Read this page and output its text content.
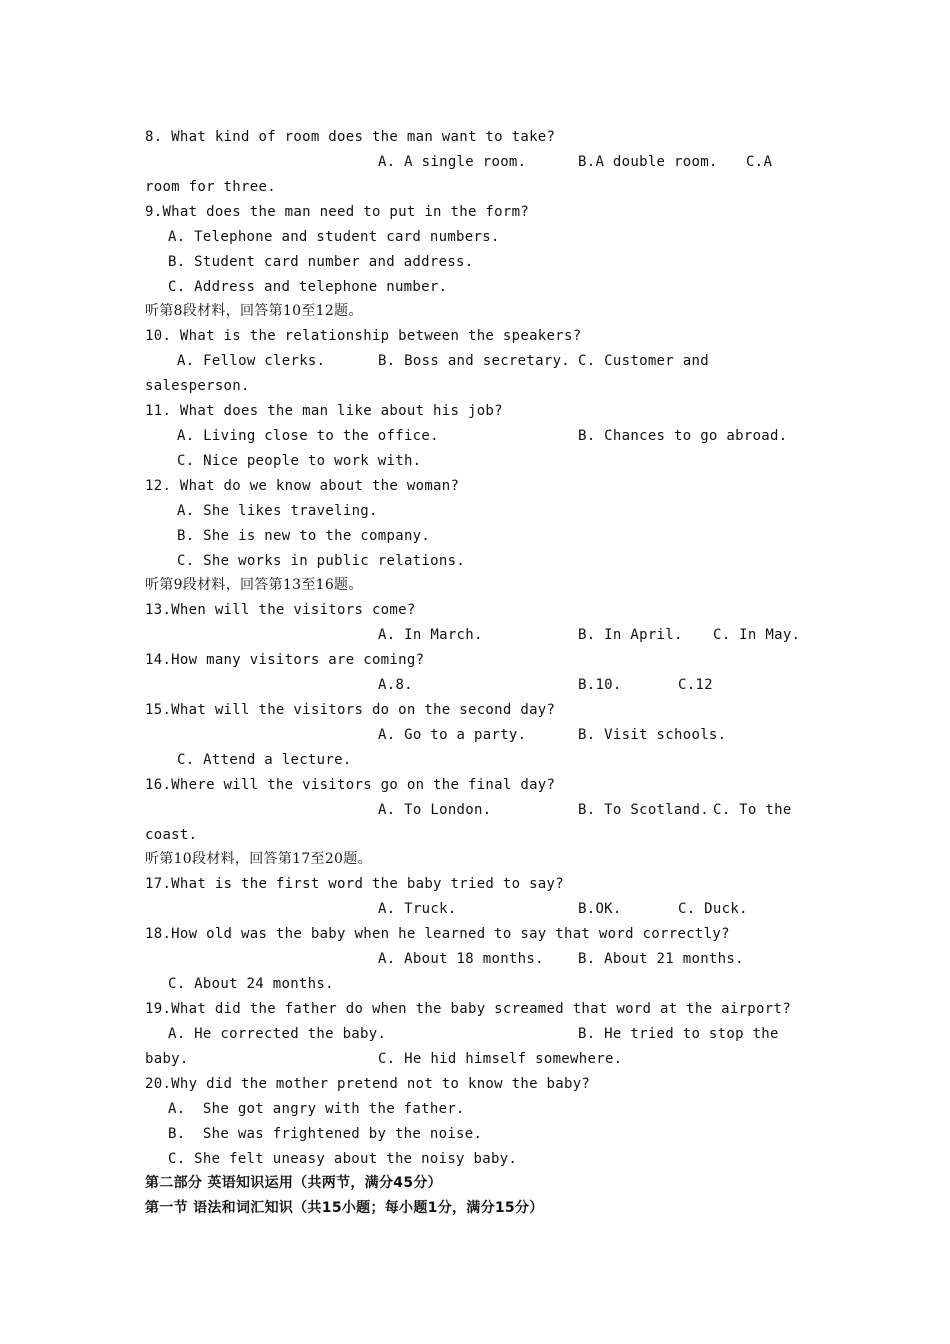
8. What kind of room does the man want to take?
A. A single room.	B.A double room. C.A
room for three.
9.What does the man need to put in the form?
A. Telephone and student card numbers.
B. Student card number and address.
C. Address and telephone number.
听第8段材料，回答第10至12题。
10. What is the relationship between the speakers?
A. Fellow clerks.	B. Boss and secretary. C. Customer and
salesperson.
11. What does the man like about his job?
A. Living close to the office.	B. Chances to go abroad.
C. Nice people to work with.
12. What do we know about the woman?
A. She likes traveling.
B. She is new to the company.
C. She works in public relations.
听第9段材料，回答第13至16题。
13.When will the visitors come?
A. In March.	B. In April. C. In May.
14.How many visitors are coming?
A.8.	B.10.	C.12
15.What will the visitors do on the second day?
A. Go to a party.	B. Visit schools.
C. Attend a lecture.
16.Where will the visitors go on the final day?
A. To London.	B. To Scotland. C. To the
coast.
听第10段材料，回答第17至20题。
17.What is the first word the baby tried to say?
A. Truck.	B.OK.	C. Duck.
18.How old was the baby when he learned to say that word correctly?
A. About 18 months. B. About 21 months.
C. About 24 months.
19.What did the father do when the baby screamed that word at the airport?
A. He corrected the baby.	B. He tried to stop the
baby.	C. He hid himself somewhere.
20.Why did the mother pretend not to know the baby?
A.  She got angry with the father.
B.  She was frightened by the noise.
C. She felt uneasy about the noisy baby.
第二部分 英语知识运用（共两节，满分45分）
第一节 语法和词汇知识（共15小题；每小题1分，满分15分）
